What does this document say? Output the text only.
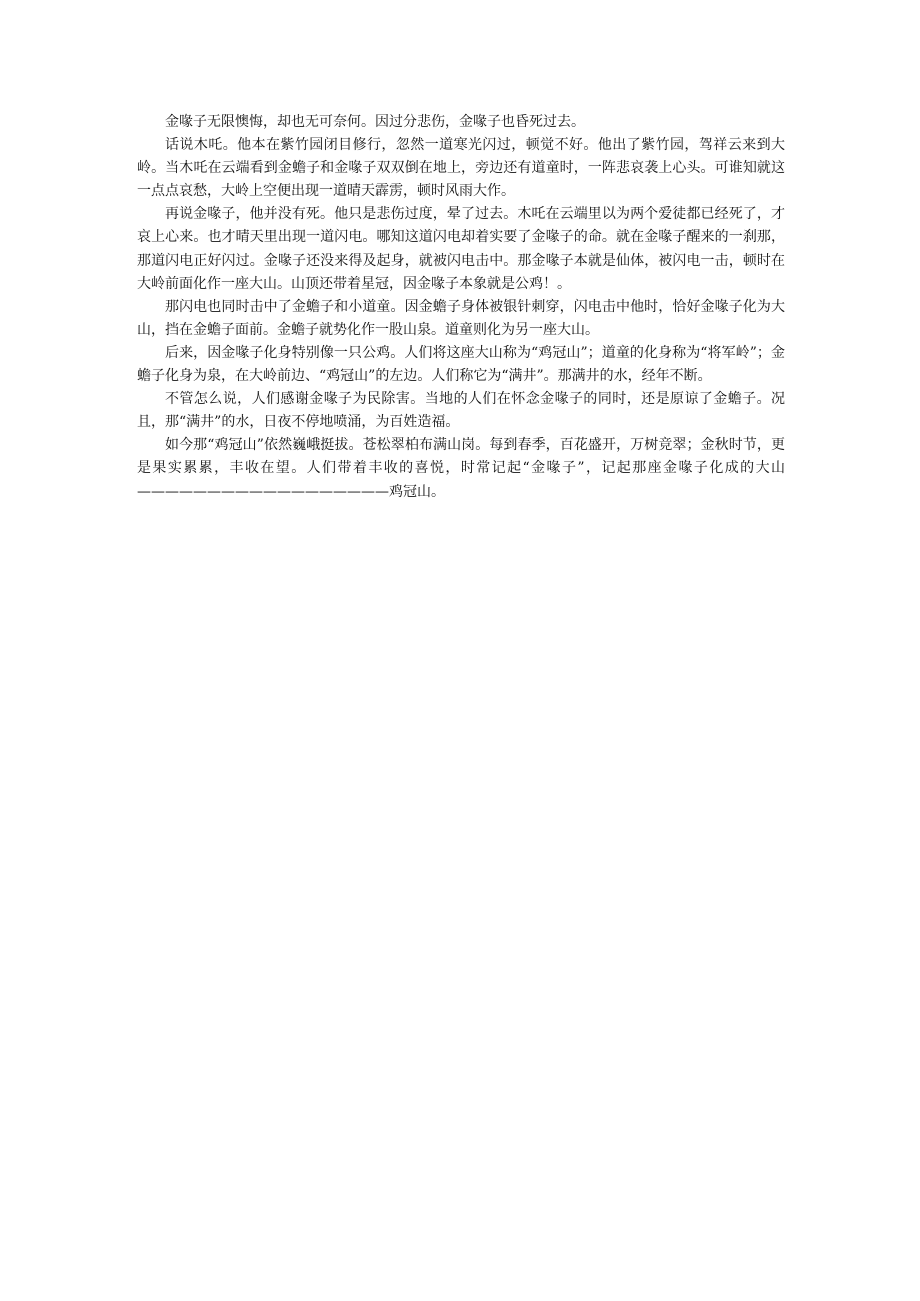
金喙子无限懊悔，却也无可奈何。因过分悲伤，金喙子也昏死过去。

话说木吒。他本在紫竹园闭目修行，忽然一道寒光闪过，顿觉不好。他出了紫竹园，驾祥云来到大岭。当木吒在云端看到金蟾子和金喙子双双倒在地上，旁边还有道童时，一阵悲哀袭上心头。可谁知就这一点点哀愁，大岭上空便出现一道晴天霹雳，顿时风雨大作。

再说金喙子，他并没有死。他只是悲伤过度，晕了过去。木吒在云端里以为两个爱徒都已经死了，才哀上心来。也才晴天里出现一道闪电。哪知这道闪电却着实要了金喙子的命。就在金喙子醒来的一刹那，那道闪电正好闪过。金喙子还没来得及起身，就被闪电击中。那金喙子本就是仙体，被闪电一击，顿时在大岭前面化作一座大山。山顶还带着星冠，因金喙子本象就是公鸡！。

那闪电也同时击中了金蟾子和小道童。因金蟾子身体被银针刺穿，闪电击中他时，恰好金喙子化为大山，挡在金蟾子面前。金蟾子就势化作一股山泉。道童则化为另一座大山。

后来，因金喙子化身特别像一只公鸡。人们将这座大山称为“鸡冠山”；道童的化身称为“将军岭”；金蟾子化身为泉，在大岭前边、“鸡冠山”的左边。人们称它为“满井”。那满井的水，经年不断。

不管怎么说，人们感谢金喙子为民除害。当地的人们在怀念金喙子的同时，还是原谅了金蟾子。况且，那“满井”的水，日夜不停地喷涌，为百姓造福。

如今那“鸡冠山”依然巍峨挺拔。苍松翠柏布满山岗。每到春季，百花盛开，万树竞翠；金秋时节，更是果实累累，丰收在望。人们带着丰收的喜悦，时常记起“金喙子”，记起那座金喙子化成的大山 ——————————————————鸡冠山。
